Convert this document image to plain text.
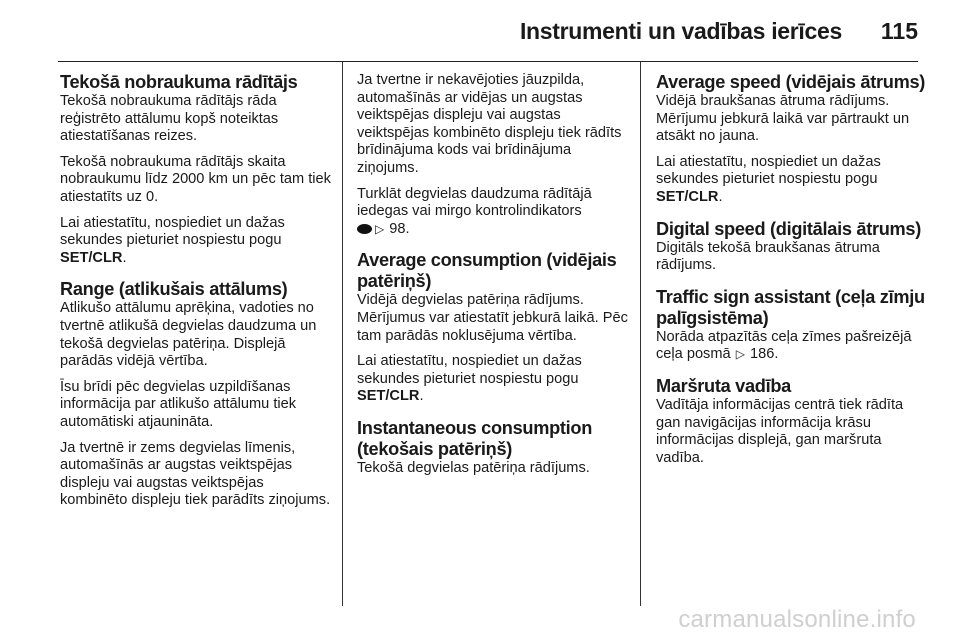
Instrumenti un vadības ierīces 115
Tekošā nobraukuma rādītājs

Tekošā nobraukuma rādītājs rāda reģistrēto attālumu kopš noteiktas atiestatīšanas reizes.

Tekošā nobraukuma rādītājs skaita nobraukumu līdz 2000 km un pēc tam tiek atiestatīts uz 0.

Lai atiestatītu, nospiediet un dažas sekundes pieturiet nospiestu pogu SET/CLR.

Range (atlikušais attālums)

Atlikušo attālumu aprēķina, vadoties no tvertnē atlikušā degvielas daudzuma un tekošā degvielas patēriņa. Displejā parādās vidējā vērtība.

Īsu brīdi pēc degvielas uzpildīšanas informācija par atlikušo attālumu tiek automātiski atjaunināta.

Ja tvertnē ir zems degvielas līmenis, automašīnās ar augstas veiktspējas displeju vai augstas veiktspējas kombinēto displeju tiek parādīts ziņojums.

Ja tvertne ir nekavējoties jāuzpilda, automašīnās ar vidējas un augstas veiktspējas displeju vai augstas veiktspējas kombinēto displeju tiek rādīts brīdinājuma kods vai brīdinājuma ziņojums.

Turklāt degvielas daudzuma rādītājā iedegas vai mirgo kontrolindikators
▷ 98.

Average consumption (vidējais patēriņš)

Vidējā degvielas patēriņa rādījums. Mērījumus var atiestatīt jebkurā laikā. Pēc tam parādās noklusējuma vērtība.

Lai atiestatītu, nospiediet un dažas sekundes pieturiet nospiestu pogu SET/CLR.

Instantaneous consumption (tekošais patēriņš)

Tekošā degvielas patēriņa rādījums.

Average speed (vidējais ātrums)

Vidējā braukšanas ātruma rādījums. Mērījumu jebkurā laikā var pārtraukt un atsākt no jauna.

Lai atiestatītu, nospiediet un dažas sekundes pieturiet nospiestu pogu SET/CLR.

Digital speed (digitālais ātrums)

Digitāls tekošā braukšanas ātruma rādījums.

Traffic sign assistant (ceļa zīmju palīgsistēma)

Norāda atpazītās ceļa zīmes pašreizējā ceļa posmā ▷ 186.

Maršruta vadība

Vadītāja informācijas centrā tiek rādīta gan navigācijas informācija krāsu informācijas displejā, gan maršruta vadība.

carmanualsonline.info
